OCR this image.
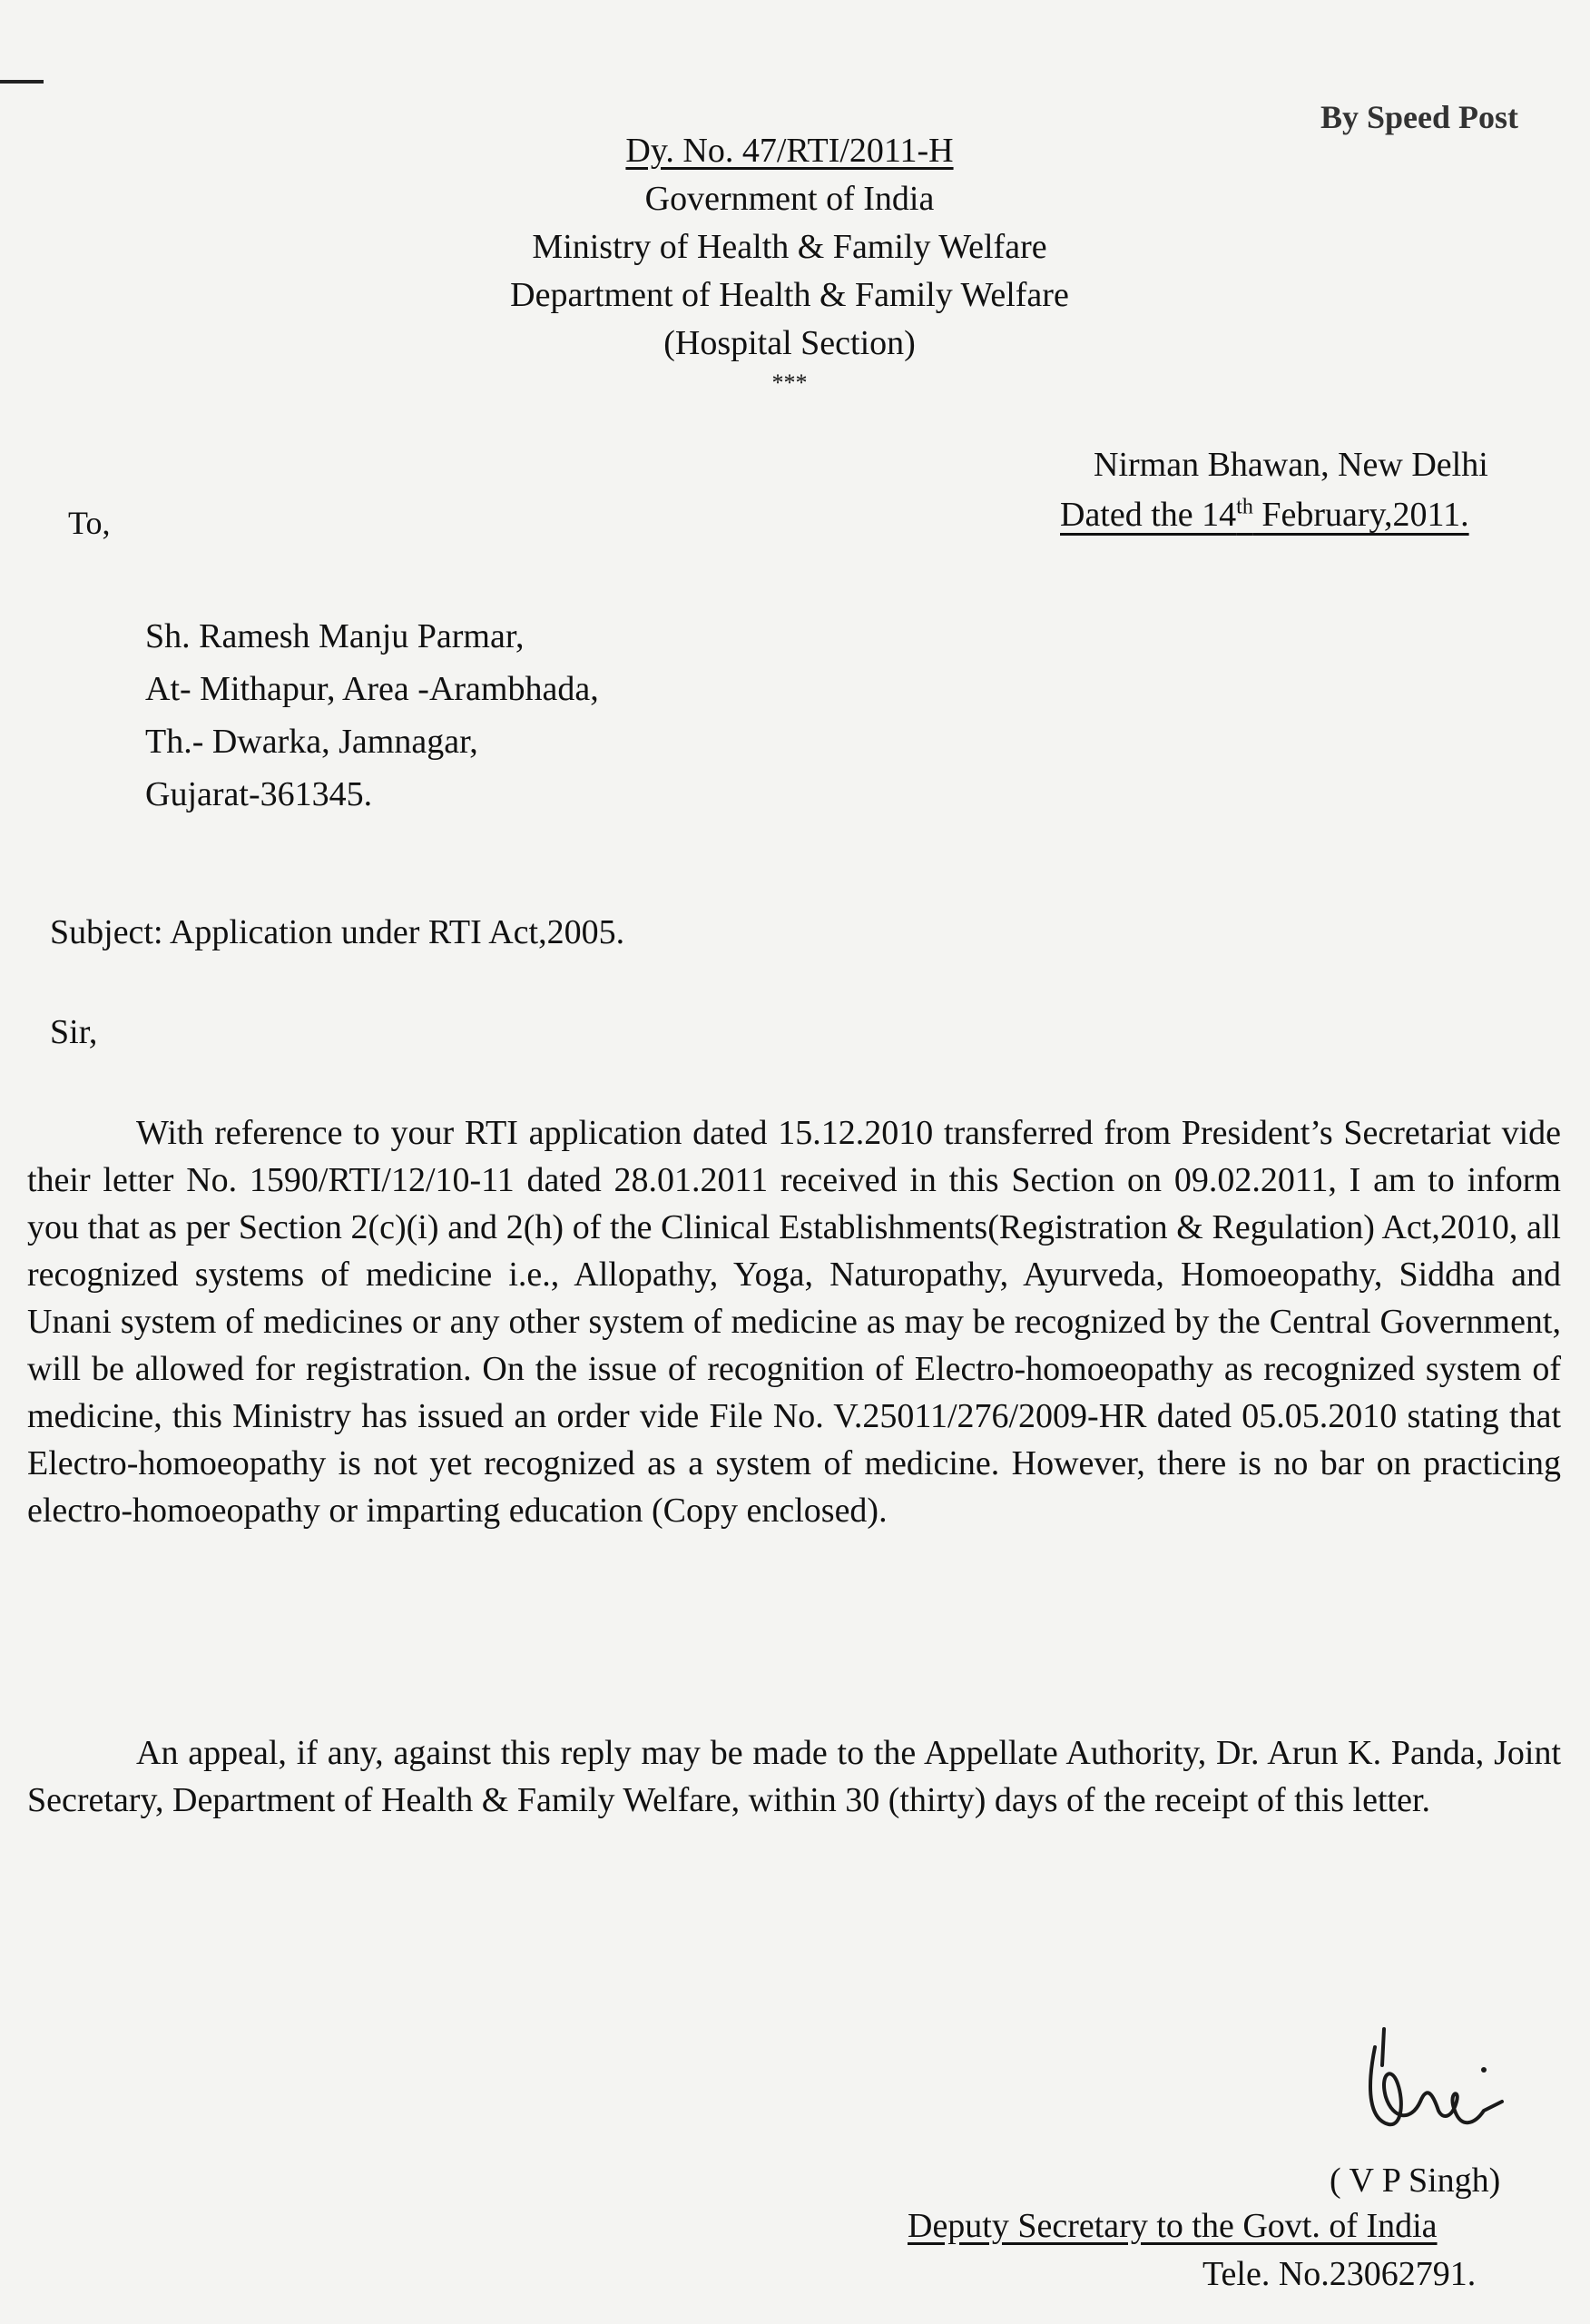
By Speed Post
Dy. No. 47/RTI/2011-H
Government of India
Ministry of Health & Family Welfare
Department of Health & Family Welfare
(Hospital Section)
***
Nirman Bhawan, New Delhi
Dated the 14th February,2011.
To,
Sh. Ramesh Manju Parmar,
At- Mithapur, Area -Arambhada,
Th.- Dwarka, Jamnagar,
Gujarat-361345.
Subject: Application under RTI Act,2005.
Sir,
With reference to your RTI application dated 15.12.2010 transferred from President’s Secretariat vide their letter No. 1590/RTI/12/10-11 dated 28.01.2011 received in this Section on 09.02.2011, I am to inform you that as per Section 2(c)(i) and 2(h) of the Clinical Establishments(Registration & Regulation) Act,2010, all recognized systems of medicine i.e., Allopathy, Yoga, Naturopathy, Ayurveda, Homoeopathy, Siddha and Unani system of medicines or any other system of medicine as may be recognized by the Central Government, will be allowed for registration. On the issue of recognition of Electro-homoeopathy as recognized system of medicine, this Ministry has issued an order vide File No. V.25011/276/2009-HR dated 05.05.2010 stating that Electro-homoeopathy is not yet recognized as a system of medicine. However, there is no bar on practicing electro-homoeopathy or imparting education (Copy enclosed).
An appeal, if any, against this reply may be made to the Appellate Authority, Dr. Arun K. Panda, Joint Secretary, Department of Health & Family Welfare, within 30 (thirty) days of the receipt of this letter.
( V P Singh)
Deputy Secretary to the Govt. of India
Tele. No.23062791.
